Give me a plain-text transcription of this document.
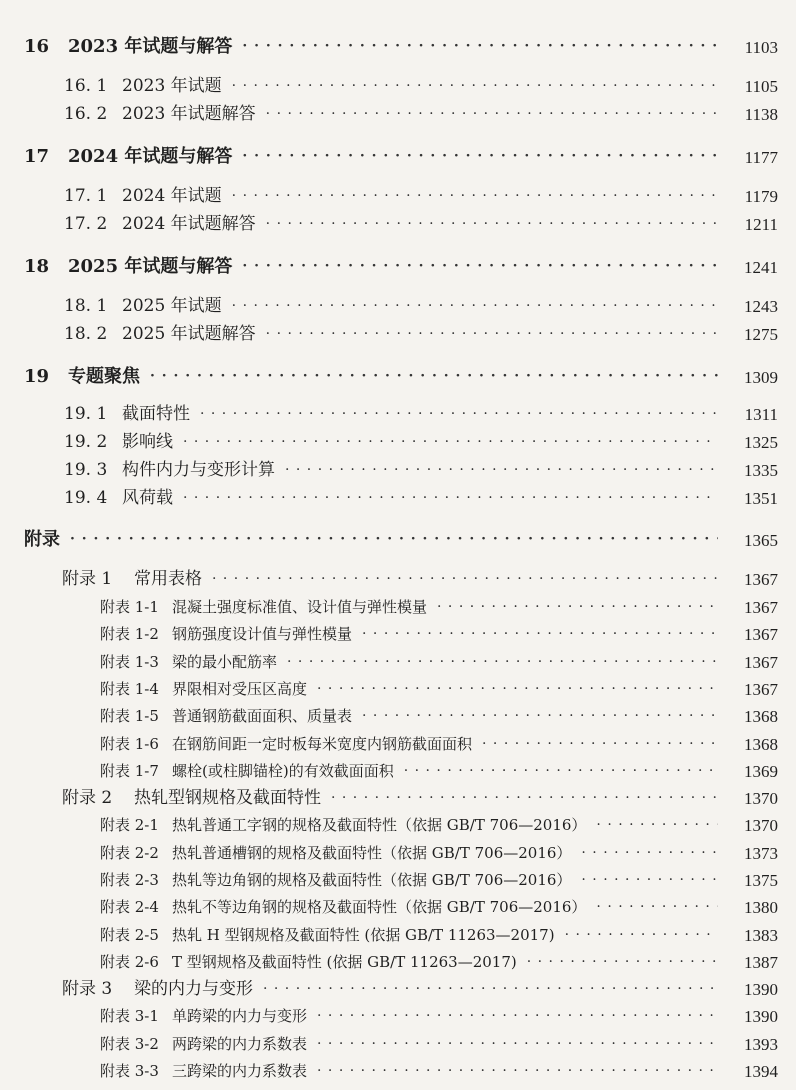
16 2023 年试题与解答 · · ·	1103
16. 1 2023 年试题 · · ·	1105
16. 2 2023 年试题解答 · · ·	1138
17 2024 年试题与解答 · · ·	1177
17. 1 2024 年试题 · · ·	1179
17. 2 2024 年试题解答 · · ·	1211
18 2025 年试题与解答 · · ·	1241
18. 1 2025 年试题 · · ·	1243
18. 2 2025 年试题解答 · · ·	1275
19 专题聚焦 · · ·	1309
19. 1 截面特性 · · ·	1311
19. 2 影响线 · · ·	1325
19. 3 构件内力与变形计算 · · ·	1335
19. 4 风荷载 · · ·	1351
附录 · · ·	1365
附录 1 常用表格 · · ·	1367
附表 1-1 混凝土强度标准值、设计值与弹性模量 · · ·	1367
附表 1-2 钢筋强度设计值与弹性模量 · · ·	1367
附表 1-3 梁的最小配筋率 · · ·	1367
附表 1-4 界限相对受压区高度 · · ·	1367
附表 1-5 普通钢筋截面面积、质量表 · · ·	1368
附表 1-6 在钢筋间距一定时板每米宽度内钢筋截面面积 · · ·	1368
附表 1-7 螺栓(或柱脚锚栓)的有效截面面积 · · ·	1369
附录 2 热轧型钢规格及截面特性 · · ·	1370
附表 2-1 热轧普通工字钢的规格及截面特性（依据 GB/T 706—2016） · · ·	1370
附表 2-2 热轧普通槽钢的规格及截面特性（依据 GB/T 706—2016） · · ·	1373
附表 2-3 热轧等边角钢的规格及截面特性（依据 GB/T 706—2016） · · ·	1375
附表 2-4 热轧不等边角钢的规格及截面特性（依据 GB/T 706—2016） · · ·	1380
附表 2-5 热轧 H 型钢规格及截面特性 (依据 GB/T 11263—2017) · · ·	1383
附表 2-6 T 型钢规格及截面特性 (依据 GB/T 11263—2017) · · ·	1387
附录 3 梁的内力与变形 · · ·	1390
附表 3-1 单跨梁的内力与变形 · · ·	1390
附表 3-2 两跨梁的内力系数表 · · ·	1393
附表 3-3 三跨梁的内力系数表 · · ·	1394
